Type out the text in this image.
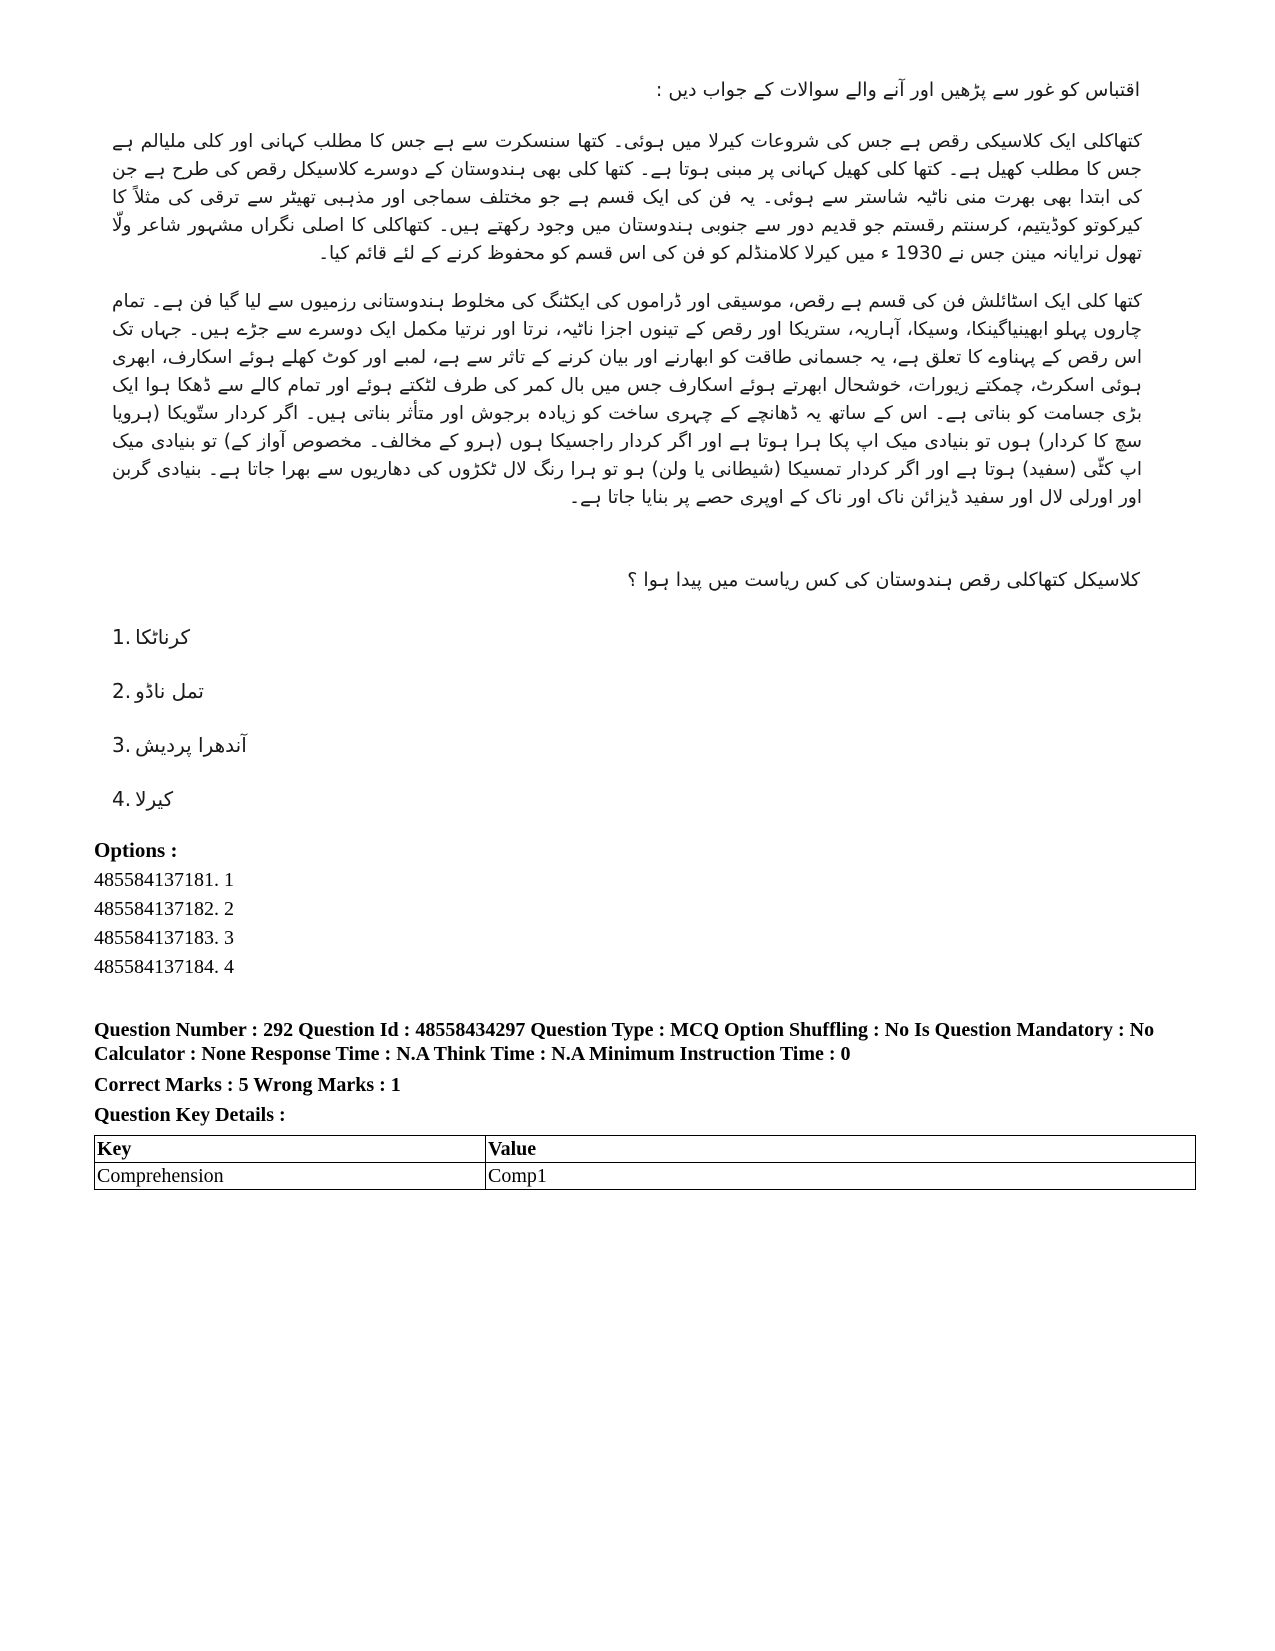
اقتباس کو غور سے پڑھیں اور آنے والے سوالات کے جواب دیں :
کتھاکلی ایک کلاسیکی رقص ہے جس کی شروعات کیرلا میں ہوئی۔ کتھا سنسکرت سے ہے جس کا مطلب کہانی اور کلی ملیالم ہے جس کا مطلب کھیل ہے۔ کتھا کلی کھیل کہانی پر مبنی ہوتا ہے۔ کتھا کلی بھی ہندوستان کے دوسرے کلاسیکل رقص کی طرح ہے جن کی ابتدا بھی بھرت منی ناٹیہ شاستر سے ہوئی۔ یہ فن کی ایک قسم ہے جو مختلف سماجی اور مذہبی تھیٹر سے ترقی کی مثلاً کا کیرکوتو کوڈیتیم، کرسنتم رقستم جو قدیم دور سے جنوبی ہندوستان میں وجود رکھتے ہیں۔ کتھاکلی کا اصلی نگراں مشہور شاعر ولّا تھول نرایانہ مینن جس نے 1930 ء میں کیرلا کلامنڈلم کو فن کی اس قسم کو محفوظ کرنے کے لئے قائم کیا۔
کتھا کلی ایک اسٹائلش فن کی قسم ہے رقص، موسیقی اور ڈراموں کی ایکٹنگ کی مخلوط ہندوستانی رزمیوں سے لیا گیا فن ہے۔ تمام چاروں پہلو ابھینیاگینکا، وسیکا، آہاریہ، ستریکا اور رقص کے تینوں اجزا ناٹیہ، نرتا اور نرتیا مکمل ایک دوسرے سے جڑے ہیں۔ جہاں تک اس رقص کے پہناوے کا تعلق ہے، یہ جسمانی طاقت کو ابھارنے اور بیان کرنے کے تاثر سے ہے، لمبے اور کوٹ کھلے ہوئے اسکارف، ابھری ہوئی اسکرٹ، چمکتے زیورات، خوشحال ابھرتے ہوئے اسکارف جس میں بال کمر کی طرف لٹکتے ہوئے اور تمام کالے سے ڈھکا ہوا ایک بڑی جسامت کو بناتی ہے۔ اس کے ساتھ یہ ڈھانچے کے چہری ساخت کو زیادہ برجوش اور متأثر بناتی ہیں۔ اگر کردار ستّویکا (ہرویا سچ کا کردار) ہوں تو بنیادی میک اپ پکا ہرا ہوتا ہے اور اگر کردار راجسیکا ہوں (ہرو کے مخالف۔ مخصوص آواز کے) تو بنیادی میک اپ کٹّی (سفید) ہوتا ہے اور اگر کردار تمسیکا (شیطانی یا ولن) ہو تو ہرا رنگ لال ٹکڑوں کی دھاریوں سے بھرا جاتا ہے۔ بنیادی گربن اور اورلی لال اور سفید ڈیزائن ناک اور ناک کے اوپری حصے پر بنایا جاتا ہے۔
کلاسیکل کتھاکلی رقص ہندوستان کی کس ریاست میں پیدا ہوا ؟
1. کرناٹکا
2. تمل ناڈو
3. آندھرا پردیش
4. کیرلا
Options :
485584137181. 1
485584137182. 2
485584137183. 3
485584137184. 4
Question Number : 292 Question Id : 48558434297 Question Type : MCQ Option Shuffling : No Is Question Mandatory : No Calculator : None Response Time : N.A Think Time : N.A Minimum Instruction Time : 0
Correct Marks : 5 Wrong Marks : 1
Question Key Details :
Key	Value
Comprehension	Comp1
